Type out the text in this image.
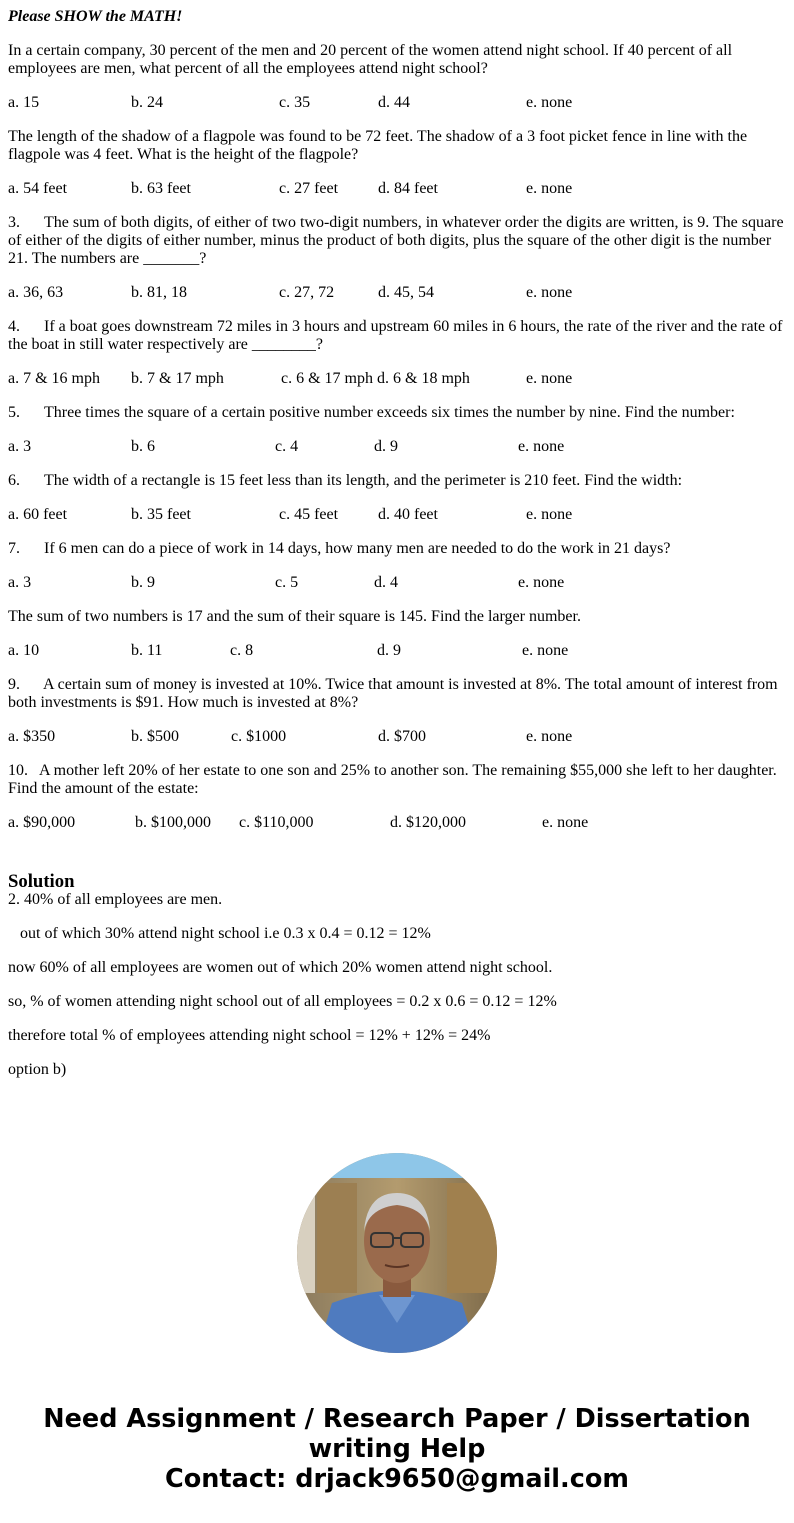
Please SHOW the MATH!

In a certain company, 30 percent of the men and 20 percent of the women attend night school. If 40 percent of all employees are men, what percent of all the employees attend night school?

a. 15	b. 24	c. 35	d. 44	e. none

The length of the shadow of a flagpole was found to be 72 feet. The shadow of a 3 foot picket fence in line with the flagpole was 4 feet. What is the height of the flagpole?

a. 54 feet	b. 63 feet	c. 27 feet d. 84 feet	e. none

3. The sum of both digits, of either of two two-digit numbers, in whatever order the digits are written, is 9. The square of either of the digits of either number, minus the product of both digits, plus the square of the other digit is the number 21. The numbers are _______?

a. 36, 63	b. 81, 18	c. 27, 72	d. 45, 54	e. none

4. If a boat goes downstream 72 miles in 3 hours and upstream 60 miles in 6 hours, the rate of the river and the rate of the boat in still water respectively are ________?

a. 7 & 16 mph b. 7 & 17 mph	c. 6 & 17 mph d. 6 & 18 mph	e. none

5. Three times the square of a certain positive number exceeds six times the number by nine. Find the number:

a. 3	b. 6	c. 4	d. 9	e. none

6. The width of a rectangle is 15 feet less than its length, and the perimeter is 210 feet. Find the width:

a. 60 feet	b. 35 feet	c. 45 feet d. 40 feet	e. none

7. If 6 men can do a piece of work in 14 days, how many men are needed to do the work in 21 days?

a. 3	b. 9	c. 5	d. 4	e. none

The sum of two numbers is 17 and the sum of their square is 145. Find the larger number.

a. 10	b. 11	c. 8	d. 9	e. none

9. A certain sum of money is invested at 10%. Twice that amount is invested at 8%. The total amount of interest from both investments is $91. How much is invested at 8%?

a. $350	b. $500	c. $1000	d. $700	e. none

10. A mother left 20% of her estate to one son and 25% to another son. The remaining $55,000 she left to her daughter. Find the amount of the estate:

a. $90,000	b. $100,000 c. $110,000	d. $120,000	e. none
Solution

2. 40% of all employees are men.

out of which 30% attend night school i.e 0.3 x 0.4 = 0.12 = 12%

now 60% of all employees are women out of which 20% women attend night school.

so, % of women attending night school out of all employees = 0.2 x 0.6 = 0.12 = 12%

therefore total % of employees attending night school = 12% + 12% = 24%

option b)

Need Assignment / Research Paper / Dissertation
writing Help
Contact: drjack9650@gmail.com
